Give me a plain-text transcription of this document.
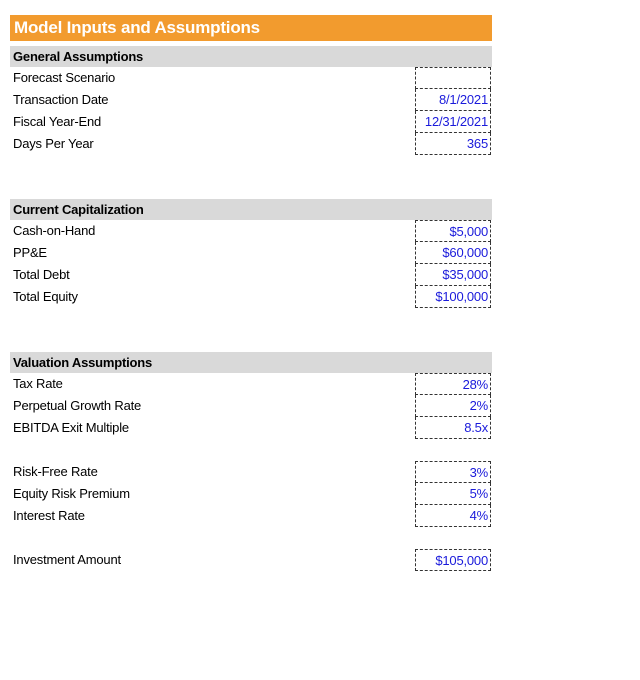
Model Inputs and Assumptions
General Assumptions
Forecast Scenario
Transaction Date	8/1/2021
Fiscal Year-End	12/31/2021
Days Per Year	365
Current Capitalization
Cash-on-Hand	$5,000
PP&E	$60,000
Total Debt	$35,000
Total Equity	$100,000
Valuation Assumptions
Tax Rate	28%
Perpetual Growth Rate	2%
EBITDA Exit Multiple	8.5x
Risk-Free Rate	3%
Equity Risk Premium	5%
Interest Rate	4%
Investment Amount	$105,000
